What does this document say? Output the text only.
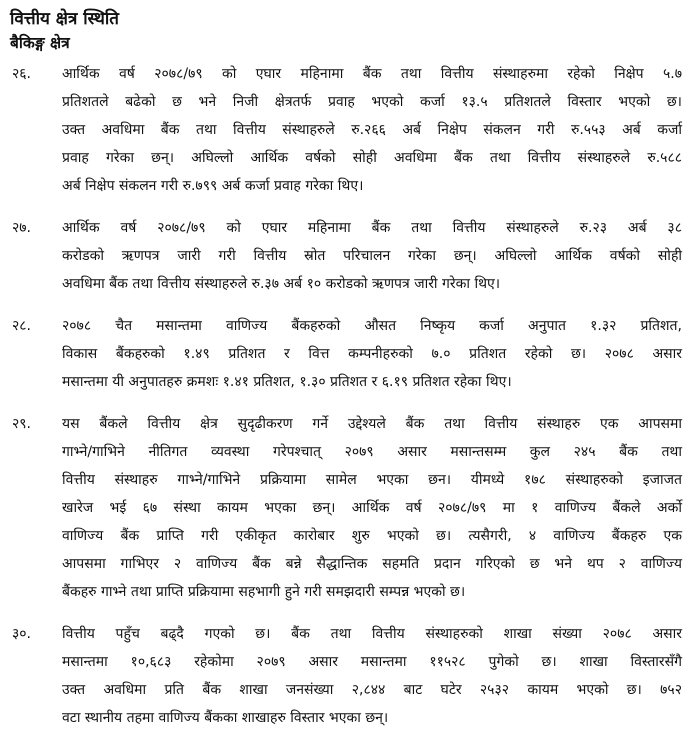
वित्तीय क्षेत्र स्थिति
बैकिङ्ग क्षेत्र
२६. आर्थिक वर्ष २०७८/७९ को एघार महिनामा बैंक तथा वित्तीय संस्थाहरुमा रहेको निक्षेप ५.७
प्रतिशतले बढेको छ भने निजी क्षेत्रतर्फ प्रवाह भएको कर्जा १३.५ प्रतिशतले विस्तार भएको छ।
उक्त अवधिमा बैंक तथा वित्तीय संस्थाहरुले रु.२६६ अर्ब निक्षेप संकलन गरी रु.५५३ अर्ब कर्जा
प्रवाह गरेका छन्। अघिल्लो आर्थिक वर्षको सोही अवधिमा बैंक तथा वित्तीय संस्थाहरुले रु.५८८
अर्ब निक्षेप संकलन गरी रु.७९९ अर्ब कर्जा प्रवाह गरेका थिए।
२७. आर्थिक वर्ष २०७८/७९ को एघार महिनामा बैंक तथा वित्तीय संस्थाहरुले रु.२३ अर्ब ३८
करोडको ऋणपत्र जारी गरी वित्तीय स्रोत परिचालन गरेका छन्। अघिल्लो आर्थिक वर्षको सोही
अवधिमा बैंक तथा वित्तीय संस्थाहरुले रु.३७ अर्ब १० करोडको ऋणपत्र जारी गरेका थिए।
२८. २०७८ चैत मसान्तमा वाणिज्य बैंकहरुको औसत निष्कृय कर्जा अनुपात १.३२ प्रतिशत,
विकास बैंकहरुको १.४९ प्रतिशत र वित्त कम्पनीहरुको ७.० प्रतिशत रहेको छ। २०७८ असार
मसान्तमा यी अनुपातहरु क्रमशः १.४१ प्रतिशत, १.३० प्रतिशत र ६.१९ प्रतिशत रहेका थिए।
२९. यस बैंकले वित्तीय क्षेत्र सुदृढीकरण गर्ने उद्देश्यले बैंक तथा वित्तीय संस्थाहरु एक आपसमा
गाभ्ने/गाभिने नीतिगत व्यवस्था गरेपश्चात् २०७९ असार मसान्तसम्म कुल २४५ बैंक तथा
वित्तीय संस्थाहरु गाभ्ने/गाभिने प्रक्रियामा सामेल भएका छन। यीमध्ये १७८ संस्थाहरुको इजाजत
खारेज भई ६७ संस्था कायम भएका छन्। आर्थिक वर्ष २०७८/७९ मा १ वाणिज्य बैंकले अर्को
वाणिज्य बैंक प्राप्ति गरी एकीकृत कारोबार शुरु भएको छ। त्यसैगरी, ४ वाणिज्य बैंकहरु एक
आपसमा गाभिएर २ वाणिज्य बैंक बन्ने सैद्धान्तिक सहमति प्रदान गरिएको छ भने थप २ वाणिज्य
बैंकहरु गाभ्ने तथा प्राप्ति प्रक्रियामा सहभागी हुने गरी समझदारी सम्पन्न भएको छ।
३०. वित्तीय पहुँच बढ्दै गएको छ। बैंक तथा वित्तीय संस्थाहरुको शाखा संख्या २०७८ असार
मसान्तमा १०,६८३ रहेकोमा २०७९ असार मसान्तमा ११५२८ पुगेको छ। शाखा विस्तारसँगै
उक्त अवधिमा प्रति बैंक शाखा जनसंख्या २,८४४ बाट घटेर २५३२ कायम भएको छ। ७५२
वटा स्थानीय तहमा वाणिज्य बैंकका शाखाहरु विस्तार भएका छन्।
